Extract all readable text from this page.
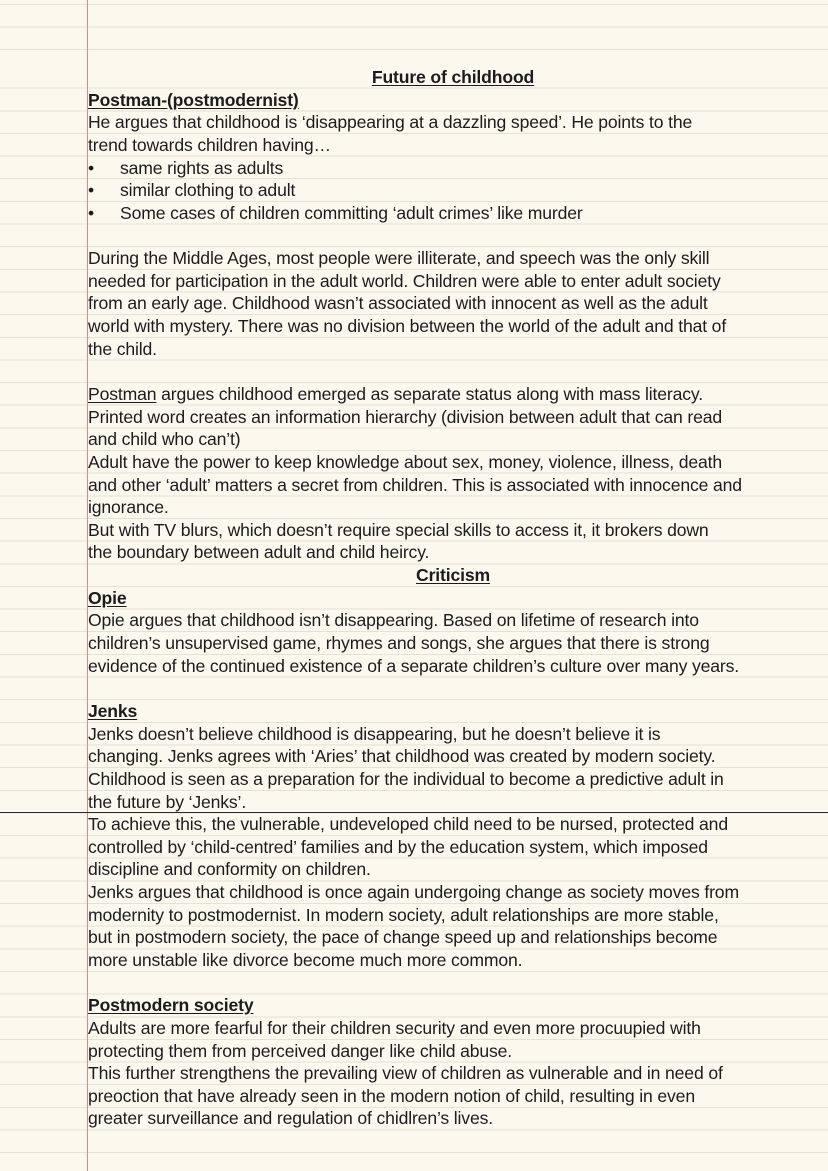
Future of childhood
Postman-(postmodernist)
He argues that childhood is ‘disappearing at a dazzling speed’. He points to the
trend towards children having…
• same rights as adults
• similar clothing to adult
• Some cases of children committing ‘adult crimes’ like murder
During the Middle Ages, most people were illiterate, and speech was the only skill
needed for participation in the adult world. Children were able to enter adult society
from an early age. Childhood wasn’t associated with innocent as well as the adult
world with mystery. There was no division between the world of the adult and that of
the child.
Postman argues childhood emerged as separate status along with mass literacy.
Printed word creates an information hierarchy (division between adult that can read
and child who can’t)
Adult have the power to keep knowledge about sex, money, violence, illness, death
and other ‘adult’ matters a secret from children. This is associated with innocence and
ignorance.
But with TV blurs, which doesn’t require special skills to access it, it brokers down
the boundary between adult and child heircy.
Criticism
Opie
Opie argues that childhood isn’t disappearing. Based on lifetime of research into
children’s unsupervised game, rhymes and songs, she argues that there is strong
evidence of the continued existence of a separate children’s culture over many years.
Jenks
Jenks doesn’t believe childhood is disappearing, but he doesn’t believe it is
changing. Jenks agrees with ‘Aries’ that childhood was created by modern society.
Childhood is seen as a preparation for the individual to become a predictive adult in
the future by ‘Jenks’.
To achieve this, the vulnerable, undeveloped child need to be nursed, protected and
controlled by ‘child-centred’ families and by the education system, which imposed
discipline and conformity on children.
Jenks argues that childhood is once again undergoing change as society moves from
modernity to postmodernist. In modern society, adult relationships are more stable,
but in postmodern society, the pace of change speed up and relationships become
more unstable like divorce become much more common.
Postmodern society
Adults are more fearful for their children security and even more procuupied with
protecting them from perceived danger like child abuse.
This further strengthens the prevailing view of children as vulnerable and in need of
preoction that have already seen in the modern notion of child, resulting in even
greater surveillance and regulation of chidlren’s lives.
